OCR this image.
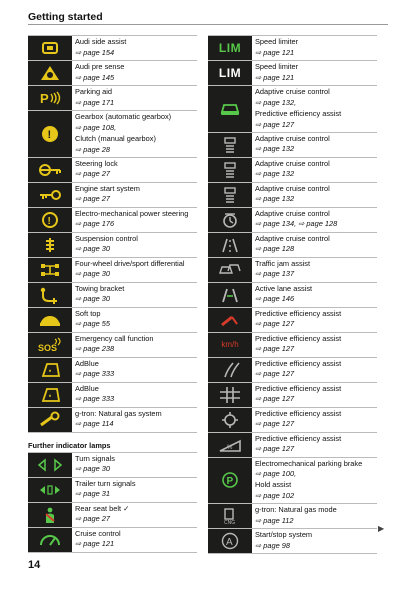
Getting started
Audi side assist
⇨ page 154
Audi pre sense
⇨ page 145
P	Parking aid
⇨ page 171
!
Gearbox (automatic gearbox)
⇨ page 108,
Clutch (manual gearbox)
⇨ page 28
Steering lock
⇨ page 27
Engine start system
⇨ page 27
!
Electro-mechanical power steering
⇨ page 176
Suspension control
⇨ page 30
Four-wheel drive/sport differential
⇨ page 30
Towing bracket
⇨ page 30
Soft top
⇨ page 55
SOS
Emergency call function
⇨ page 238
AdBlue
⇨ page 333
AdBlue
⇨ page 333
g-tron: Natural gas system
⇨ page 114
Further indicator lamps
Turn signals
⇨ page 30
Trailer turn signals
⇨ page 31
Rear seat belt ✓
⇨ page 27
Cruise control
⇨ page 121
LIM Speed limiter
⇨ page 121
LIM Speed limiter
⇨ page 121
Adaptive cruise control
⇨ page 132,
Predictive efficiency assist
⇨ page 127
Adaptive cruise control
⇨ page 132
Adaptive cruise control
⇨ page 132
Adaptive cruise control
⇨ page 132
Adaptive cruise control
⇨ page 134, ⇨ page 128
Adaptive cruise control
⇨ page 128
Traffic jam assist
⇨ page 137
Active lane assist
⇨ page 146
Predictive efficiency assist
⇨ page 127
km/h
Predictive efficiency assist
⇨ page 127
Predictive efficiency assist
⇨ page 127
Predictive efficiency assist
⇨ page 127
Predictive efficiency assist
⇨ page 127
%
Predictive efficiency assist
⇨ page 127
P
Electromechanical parking brake
⇨ page 100,
Hold assist
⇨ page 102
CNG
g-tron: Natural gas mode
⇨ page 112
A
Start/stop system
⇨ page 98
▶
14
